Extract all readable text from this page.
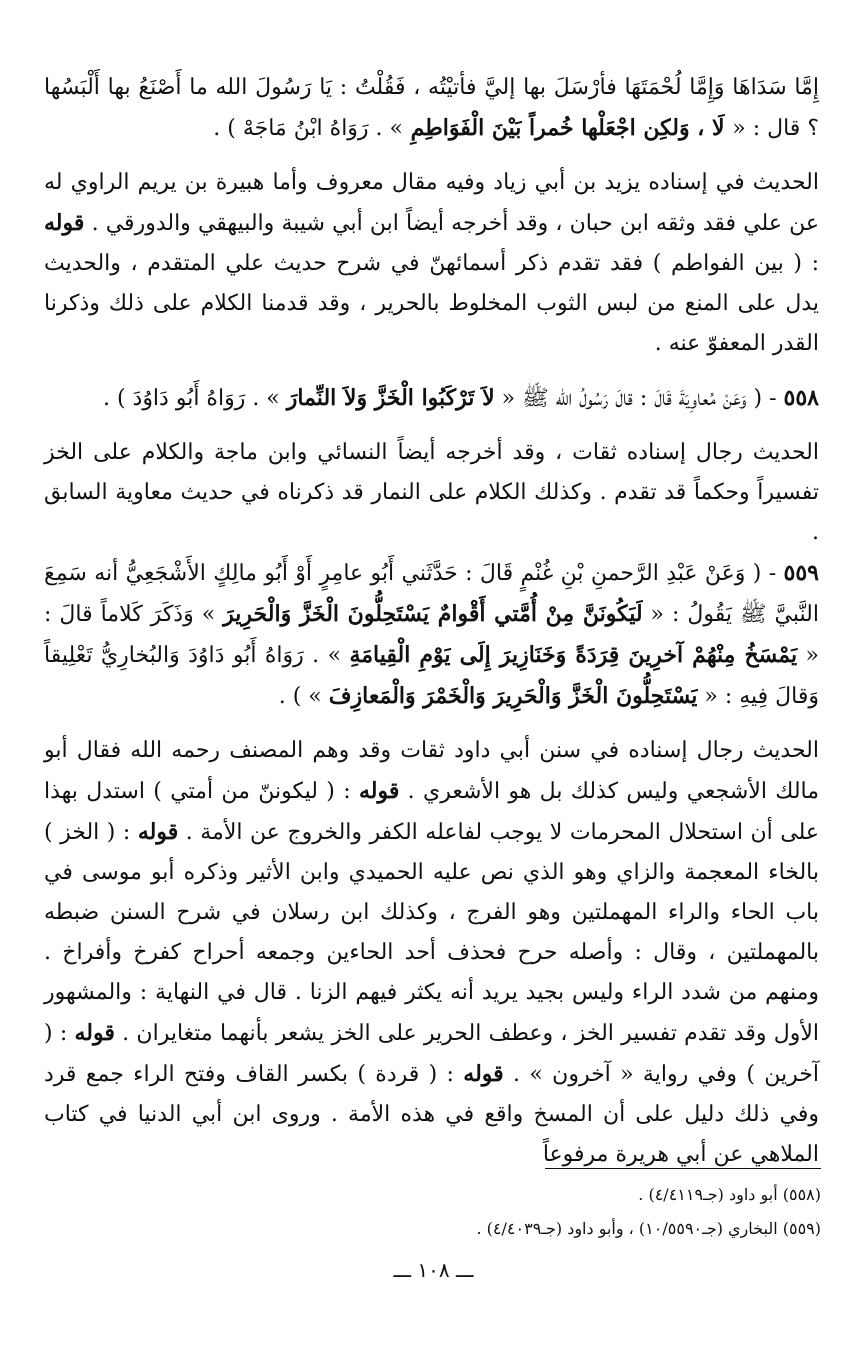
إِمَّا سَدَاهَا وَإِمَّا لُحْمَتَهَا فأرْسَلَ بها إليَّ فأتيْتُه ، فَقُلْتُ : يَا رَسُولَ الله ما أَصْنَعُ بها أَلْبَسُها ؟ قال : « لَا ، وَلكِن اجْعَلْها خُمراً بَيْنَ الْفَوَاطِمِ » . رَوَاهُ ابْنُ مَاجَهْ ) .

الحديث في إسناده يزيد بن أبي زياد وفيه مقال معروف وأما هبيرة بن يريم الراوي له عن علي فقد وثقه ابن حبان ، وقد أخرجه أيضاً ابن أبي شيبة والبيهقي والدورقي . قوله : ( بين الفواطم ) فقد تقدم ذكر أسمائهنّ في شرح حديث علي المتقدم ، والحديث يدل على المنع من لبس الثوب المخلوط بالحرير ، وقد قدمنا الكلام على ذلك وذكرنا القدر المعفوّ عنه .

٥٥٨ - ( وَعَنْ مُعاوِيَةَ قَالَ : قالَ رَسُولُ الله ﷺ « لاَ تَرْكَبُوا الْخَزَّ وَلاَ النِّمارَ » . رَوَاهُ أَبُو دَاوُدَ ) .

الحديث رجال إسناده ثقات ، وقد أخرجه أيضاً النسائي وابن ماجة والكلام على الخز تفسيراً وحكماً قد تقدم . وكذلك الكلام على النمار قد ذكرناه في حديث معاوية السابق .

٥٥٩ - ( وَعَنْ عَبْدِ الرَّحمنِ بْنِ غُنْمٍ قَالَ : حَدَّثَني أَبُو عامِرٍ أَوْ أَبُو مالِكٍ الأَشْجَعِيُّ أنه سَمِعَ النَّبيَّ ﷺ يَقُولُ : « لَيَكُونَنَّ مِنْ أُمَّتي أَقْوامٌ يَسْتَحِلُّونَ الْخَزَّ وَالْحَرِيرَ » وَذَكَرَ كَلاماً قالَ : « يَمْسَخُ مِنْهُمْ آخرِينَ قِرَدَةً وَخَنَازِيرَ إِلَى يَوْمِ الْقِيامَةِ » . رَوَاهُ أَبُو دَاوُدَ وَالبُخارِيُّ تَعْلِيقاً وَقالَ فِيهِ : « يَسْتَحِلُّونَ الْخَزَّ وَالْحَرِيرَ وَالْخَمْرَ وَالْمَعازِفَ » ) .

الحديث رجال إسناده في سنن أبي داود ثقات وقد وهم المصنف رحمه الله فقال أبو مالك الأشجعي وليس كذلك بل هو الأشعري . قوله : ( ليكوننّ من أمتي ) استدل بهذا على أن استحلال المحرمات لا يوجب لفاعله الكفر والخروج عن الأمة . قوله : ( الخز ) بالخاء المعجمة والزاي وهو الذي نص عليه الحميدي وابن الأثير وذكره أبو موسى في باب الحاء والراء المهملتين وهو الفرج ، وكذلك ابن رسلان في شرح السنن ضبطه بالمهملتين ، وقال : وأصله حرح فحذف أحد الحاءين وجمعه أحراح كفرخ وأفراخ . ومنهم من شدد الراء وليس بجيد يريد أنه يكثر فيهم الزنا . قال في النهاية : والمشهور الأول وقد تقدم تفسير الخز ، وعطف الحرير على الخز يشعر بأنهما متغايران . قوله : ( آخرين ) وفي رواية « آخرون » . قوله : ( قردة ) بكسر القاف وفتح الراء جمع قرد وفي ذلك دليل على أن المسخ واقع في هذه الأمة . وروى ابن أبي الدنيا في كتاب الملاهي عن أبي هريرة مرفوعاً

(٥٥٨) أبو داود (جـ٤/٤١١٩) .
(٥٥٩) البخاري (جـ١٠/٥٥٩٠) ، وأبو داود (جـ٤/٤٠٣٩) .
ـــ ١٠٨ ـــ
